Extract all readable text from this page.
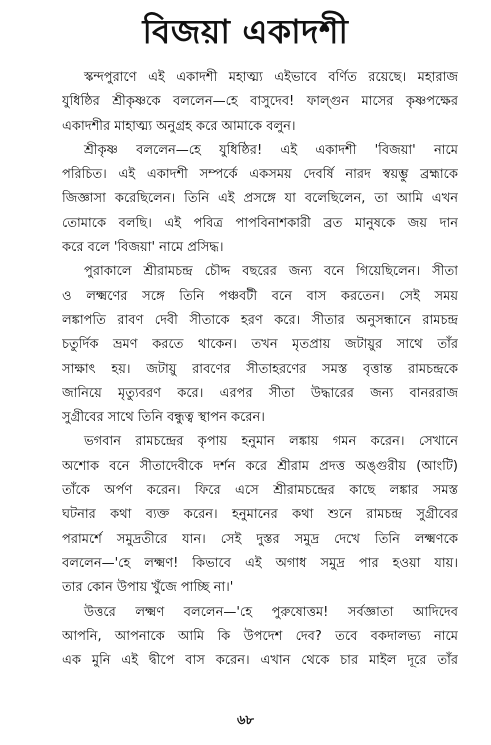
বিজয়া একাদশী

স্কন্দপুরাণে এই একাদশী মহাত্ম্য এইভাবে বর্ণিত রয়েছে। মহারাজ
যুধিষ্ঠির শ্রীকৃষ্ণকে বললেন—হে বাসুদেব! ফাল্গুন মাসের কৃষ্ণপক্ষের
একাদশীর মাহাত্ম্য অনুগ্রহ করে আমাকে বলুন।

শ্রীকৃষ্ণ বললেন—হে যুধিষ্ঠির! এই একাদশী 'বিজয়া' নামে
পরিচিত। এই একাদশী সম্পর্কে একসময় দেবর্ষি নারদ স্বয়ম্ভু ব্রহ্মাকে
জিজ্ঞাসা করেছিলেন। তিনি এই প্রসঙ্গে যা বলেছিলেন, তা আমি এখন
তোমাকে বলছি। এই পবিত্র পাপবিনাশকারী ব্রত মানুষকে জয় দান
করে বলে 'বিজয়া' নামে প্রসিদ্ধ।

পুরাকালে শ্রীরামচন্দ্র চৌদ্দ বছরের জন্য বনে গিয়েছিলেন। সীতা
ও লক্ষ্মণের সঙ্গে তিনি পঞ্চবটী বনে বাস করতেন। সেই সময়
লঙ্কাপতি রাবণ দেবী সীতাকে হরণ করে। সীতার অনুসন্ধানে রামচন্দ্র
চতুর্দিক ভ্রমণ করতে থাকেন। তখন মৃতপ্রায় জটায়ুর সাথে তাঁর
সাক্ষাৎ হয়। জটায়ু রাবণের সীতাহরণের সমস্ত বৃত্তান্ত রামচন্দ্রকে
জানিয়ে মৃত্যুবরণ করে। এরপর সীতা উদ্ধারের জন্য বানররাজ
সুগ্রীবের সাথে তিনি বন্ধুত্ব স্থাপন করেন।

ভগবান রামচন্দ্রের কৃপায় হনুমান লঙ্কায় গমন করেন। সেখানে
অশোক বনে সীতাদেবীকে দর্শন করে শ্রীরাম প্রদত্ত অঙ্গুরীয় (আংটি)
তাঁকে অর্পণ করেন। ফিরে এসে শ্রীরামচন্দ্রের কাছে লঙ্কার সমস্ত
ঘটনার কথা ব্যক্ত করেন। হনুমানের কথা শুনে রামচন্দ্র সুগ্রীবের
পরামর্শে সমুদ্রতীরে যান। সেই দুস্তর সমুদ্র দেখে তিনি লক্ষ্মণকে
বললেন—'হে লক্ষ্মণ! কিভাবে এই অগাধ সমুদ্র পার হওয়া যায়।
তার কোন উপায় খুঁজে পাচ্ছি না।'

উত্তরে লক্ষ্মণ বললেন—'হে পুরুষোত্তম! সর্বজ্ঞাতা আদিদেব
আপনি, আপনাকে আমি কি উপদেশ দেব? তবে বকদালভ্য নামে
এক মুনি এই দ্বীপে বাস করেন। এখান থেকে চার মাইল দূরে তাঁর

৬৮
